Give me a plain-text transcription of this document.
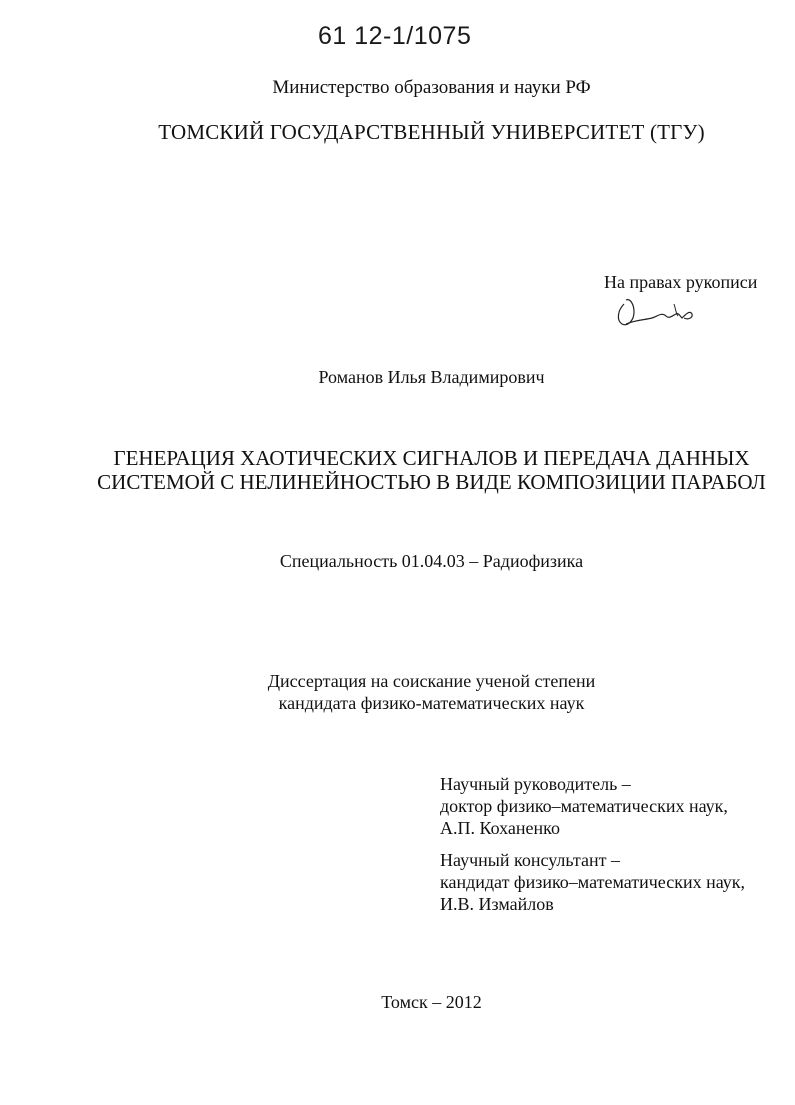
61 12-1/1075
Министерство образования и науки РФ
ТОМСКИЙ ГОСУДАРСТВЕННЫЙ УНИВЕРСИТЕТ (ТГУ)
На правах рукописи
Романов Илья Владимирович
ГЕНЕРАЦИЯ ХАОТИЧЕСКИХ СИГНАЛОВ И ПЕРЕДАЧА ДАННЫХ
СИСТЕМОЙ С НЕЛИНЕЙНОСТЬЮ В ВИДЕ КОМПОЗИЦИИ ПАРАБОЛ
Специальность 01.04.03 – Радиофизика
Диссертация на соискание ученой степени
кандидата физико-математических наук
Научный руководитель –
доктор физико–математических наук,
А.П. Коханенко
Научный консультант –
кандидат физико–математических наук,
И.В. Измайлов
Томск – 2012
